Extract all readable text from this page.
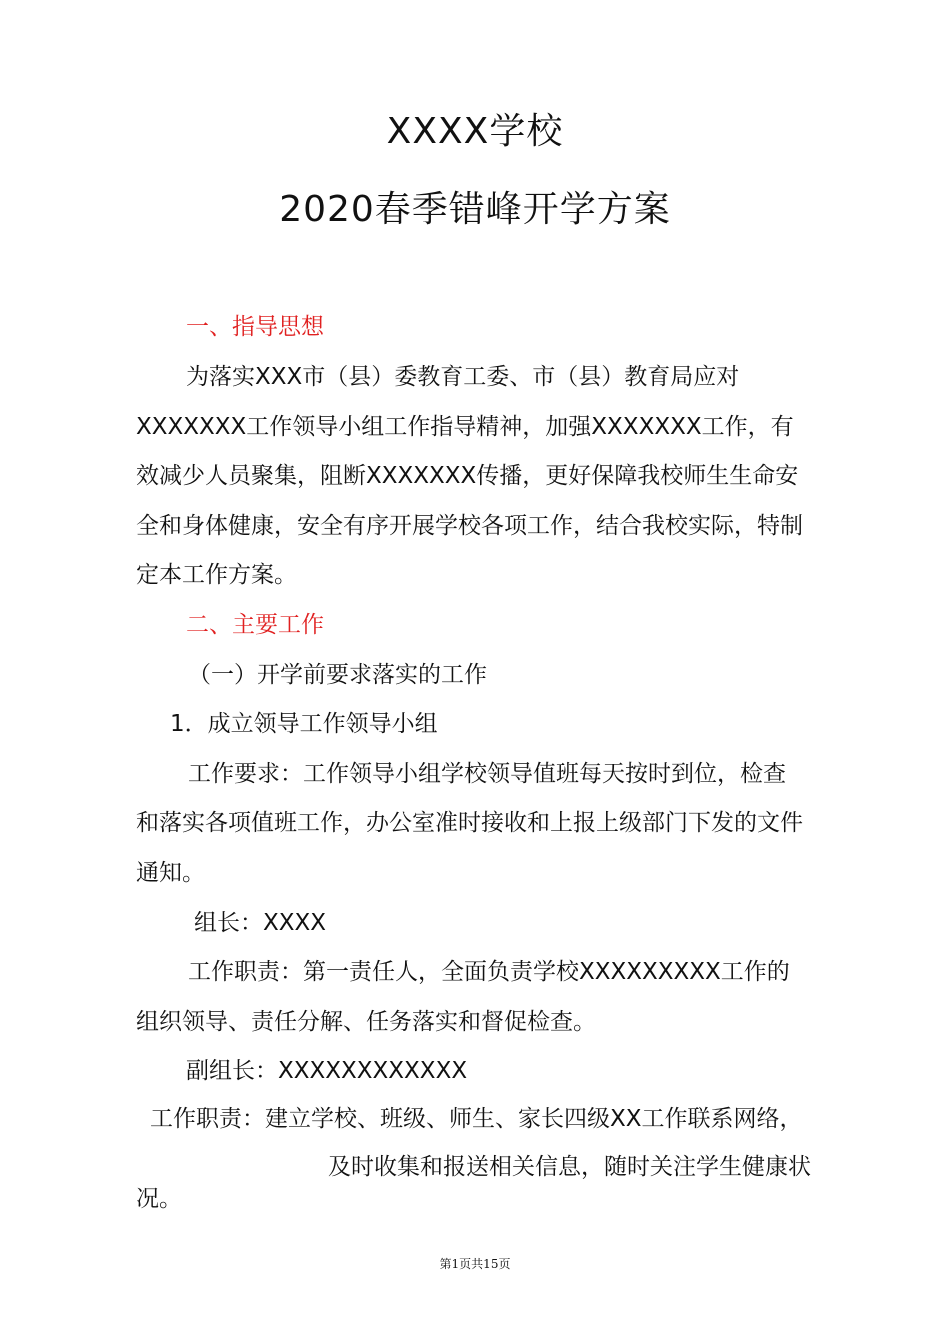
XXXX学校
2020春季错峰开学方案
一、指导思想
为落实XXX市（县）委教育工委、市（县）教育局应对
XXXXXXX工作领导小组工作指导精神，加强XXXXXXX工作，有
效减少人员聚集，阻断XXXXXXX传播，更好保障我校师生生命安
全和身体健康，安全有序开展学校各项工作，结合我校实际，特制
定本工作方案。
二、主要工作
（一）开学前要求落实的工作
1．成立领导工作领导小组
工作要求：工作领导小组学校领导值班每天按时到位，检查
和落实各项值班工作，办公室准时接收和上报上级部门下发的文件
通知。
组长：XXXX
工作职责：第一责任人，全面负责学校XXXXXXXXX工作的
组织领导、责任分解、任务落实和督促检查。
副组长：XXXXXXXXXXXX
工作职责：建立学校、班级、师生、家长四级XX工作联系网络，
及时收集和报送相关信息，随时关注学生健康状
况。
第1页共15页
